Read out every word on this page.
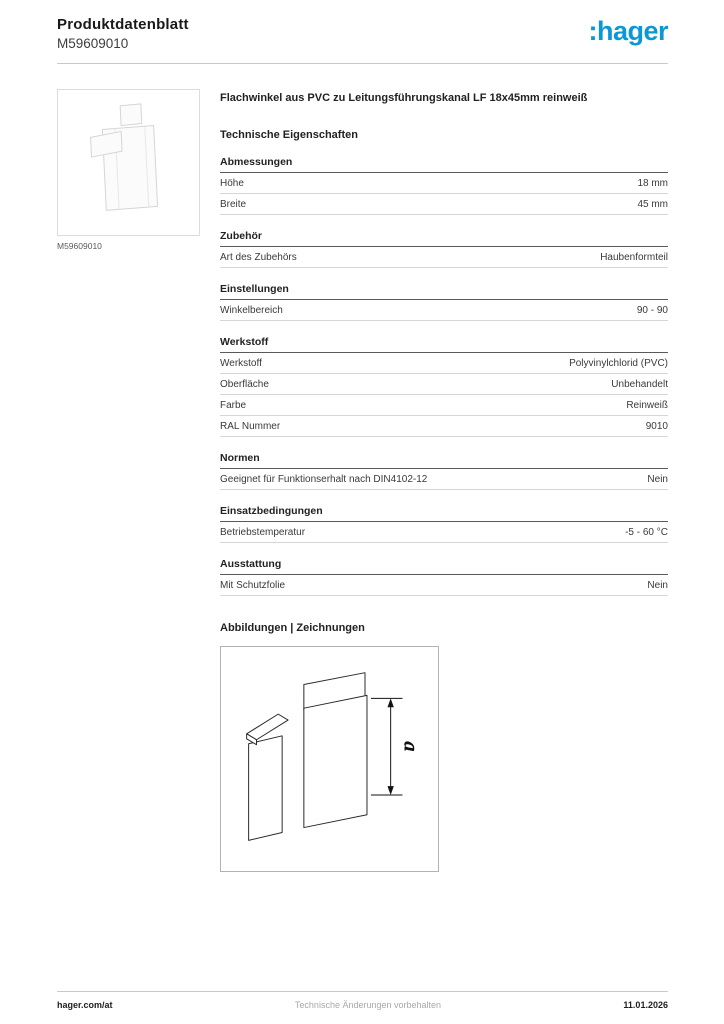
Produktdatenblatt
M59609010	:hager
M59609010

Flachwinkel aus PVC zu Leitungsführungskanal LF 18x45mm reinweiß

Technische Eigenschaften

Abmessungen
Höhe	18 mm
Breite	45 mm
Zubehör
Art des Zubehörs	Haubenformteil
Einstellungen
Winkelbereich	90 - 90
Werkstoff
Werkstoff	Polyvinylchlorid (PVC)
Oberfläche	Unbehandelt
Farbe	Reinweiß
RAL Nummer	9010
Normen
Geeignet für Funktionserhalt nach DIN4102-12	Nein
Einsatzbedingungen
Betriebstemperatur	-5 - 60 °C
Ausstattung
Mit Schutzfolie	Nein

Abbildungen | Zeichnungen

a
hager.com/at	Technische Änderungen vorbehalten	11.01.2026
